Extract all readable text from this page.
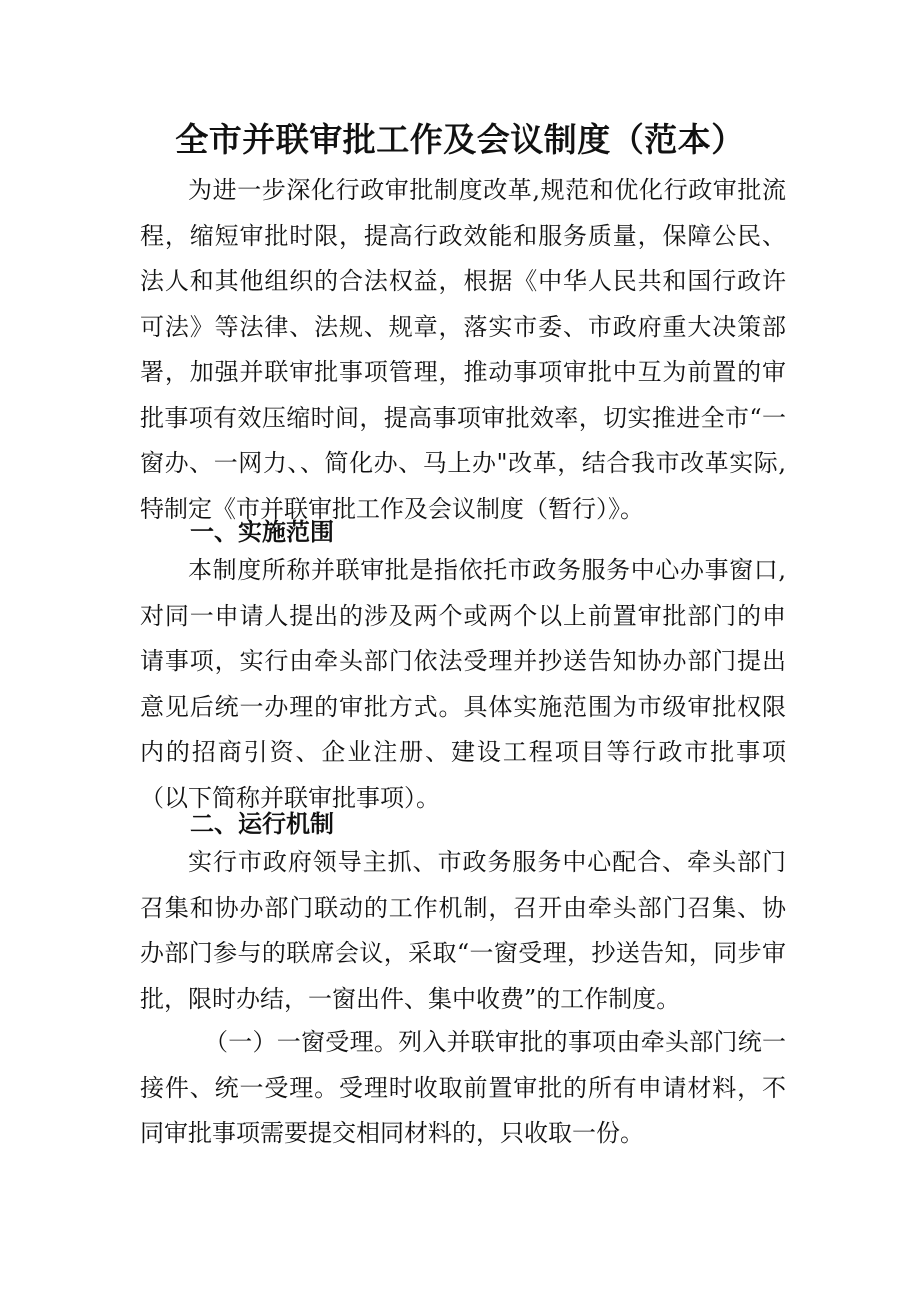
全市并联审批工作及会议制度（范本）

为进一步深化行政审批制度改革,规范和优化行政审批流程，缩短审批时限，提高行政效能和服务质量，保障公民、法人和其他组织的合法权益，根据《中华人民共和国行政许可法》等法律、法规、规章，落实市委、市政府重大决策部署，加强并联审批事项管理，推动事项审批中互为前置的审批事项有效压缩时间，提高事项审批效率，切实推进全市“一窗办、一网力、、简化办、马上办"改革，结合我市改革实际,特制定《市并联审批工作及会议制度（暂行）》。

一、实施范围

本制度所称并联审批是指依托市政务服务中心办事窗口,对同一申请人提出的涉及两个或两个以上前置审批部门的申请事项，实行由牵头部门依法受理并抄送告知协办部门提出意见后统一办理的审批方式。具体实施范围为市级审批权限内的招商引资、企业注册、建设工程项目等行政市批事项（以下简称并联审批事项）。

二、运行机制

实行市政府领导主抓、市政务服务中心配合、牵头部门召集和协办部门联动的工作机制，召开由牵头部门召集、协办部门参与的联席会议，采取“一窗受理，抄送告知，同步审批，限时办结，一窗出件、集中收费”的工作制度。

（一）一窗受理。列入并联审批的事项由牵头部门统一接件、统一受理。受理时收取前置审批的所有申请材料，不同审批事项需要提交相同材料的，只收取一份。
